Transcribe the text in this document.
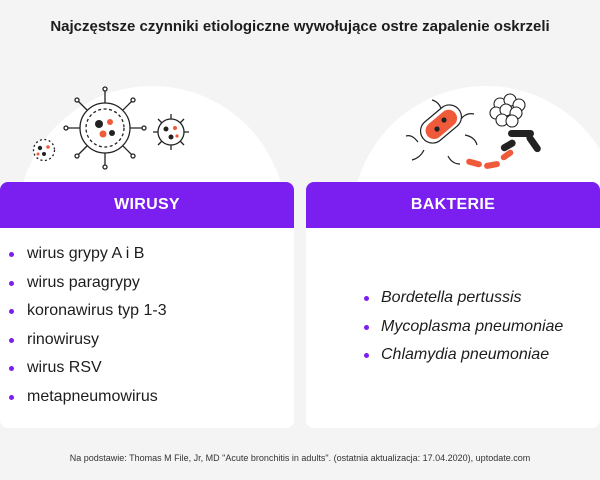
Najczęstsze czynniki etiologiczne wywołujące ostre zapalenie oskrzeli
WIRUSY
wirus grypy A i B
wirus paragrypy
koronawirus typ 1-3
rinowirusy
wirus RSV
metapneumowirus
BAKTERIE
Bordetella pertussis
Mycoplasma pneumoniae
Chlamydia pneumoniae
Na podstawie: Thomas M File, Jr, MD "Acute bronchitis in adults". (ostatnia aktualizacja: 17.04.2020), uptodate.com
